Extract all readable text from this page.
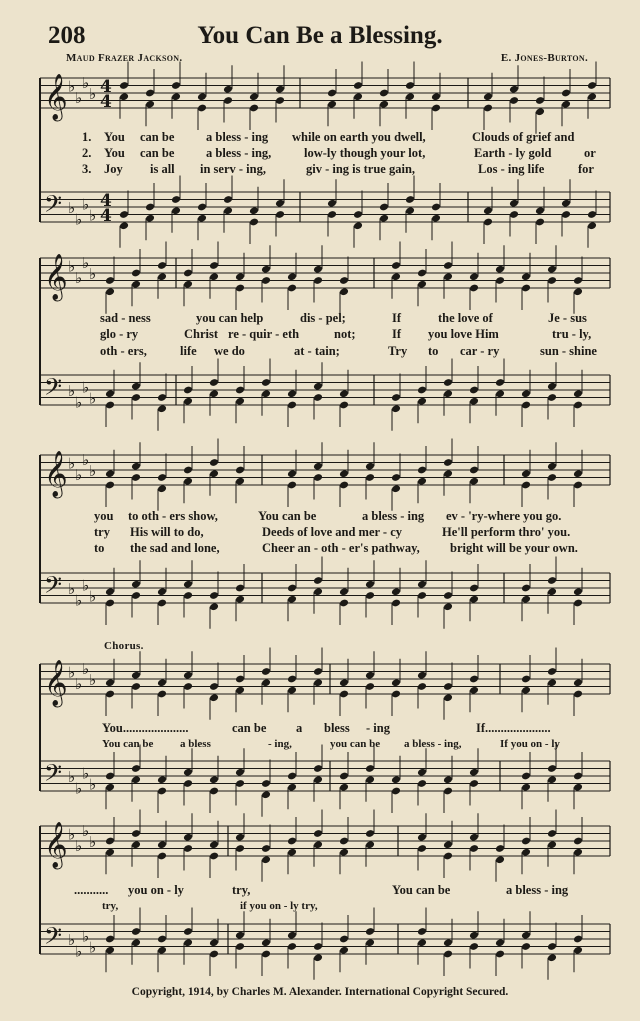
208	You Can Be a Blessing.
Maud Frazer Jackson.	E. Jones-Burton.
𝄞 ♭
♭
♭
♭ 4
4
𝄢 ♭
♭
♭
♭
4
4
𝄞 ♭
♭
♭
♭
𝄢 ♭
♭
♭
♭
𝄞 ♭
♭
♭
♭
𝄢 ♭
♭
♭
♭
𝄞 ♭
♭
♭
♭
𝄢 ♭
♭
♭
♭
𝄞 ♭
♭
♭
♭
𝄢 ♭
♭
♭
♭
1. You can be	a bless - ing while on earth you dwell,	Clouds of grief and
2. You can be	a bless - ing,	low-ly though your lot,	Earth - ly gold	or
3. Joy is all in serv - ing,	giv - ing is true gain,	Los - ing life	for
sad - ness	you can help	dis - pel;	If	the love of	Je - sus
glo - ry	Christ re - quir - eth	not;	If you love Him	tru - ly,
oth - ers,	life we do	at - tain;	Try to car - ry	sun - shine
you to oth - ers show,	You can be	a bless - ing ev - 'ry-where you go.
try His will to do,	Deeds of love and mer - cy	He'll perform thro' you.
to the sad and lone,	Cheer an - oth - er's pathway, bright will be your own.
Chorus.
You.....................	can be a bless - ing	If.....................
You can be a bless	- ing,	you can be a bless - ing,	If you on - ly
........... you on - ly	try,	You can be	a bless - ing
try,	if you on - ly try,
Copyright, 1914, by Charles M. Alexander. International Copyright Secured.
